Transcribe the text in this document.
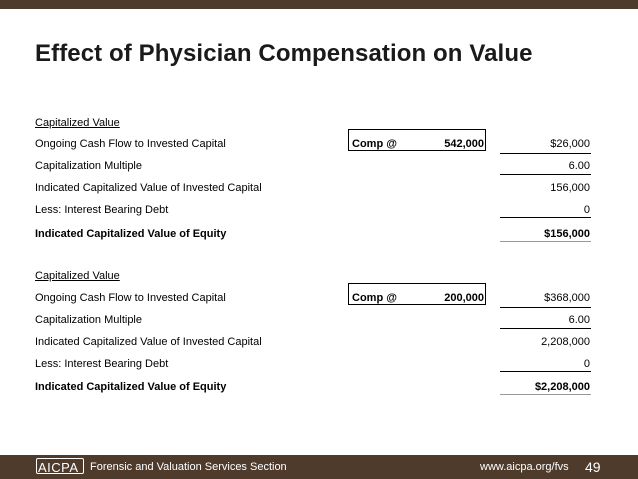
Effect of Physician Compensation on Value
Capitalized Value
Ongoing Cash Flow to Invested Capital	Comp @	542,000	$26,000
Capitalization Multiple	6.00
Indicated Capitalized Value of Invested Capital	156,000
Less: Interest Bearing Debt	0
Indicated Capitalized Value of Equity	$156,000
Capitalized Value
Ongoing Cash Flow to Invested Capital	Comp @	200,000	$368,000
Capitalization Multiple	6.00
Indicated Capitalized Value of Invested Capital	2,208,000
Less: Interest Bearing Debt	0
Indicated Capitalized Value of Equity	$2,208,000
AICPA Forensic and Valuation Services Section	www.aicpa.org/fvs 49
